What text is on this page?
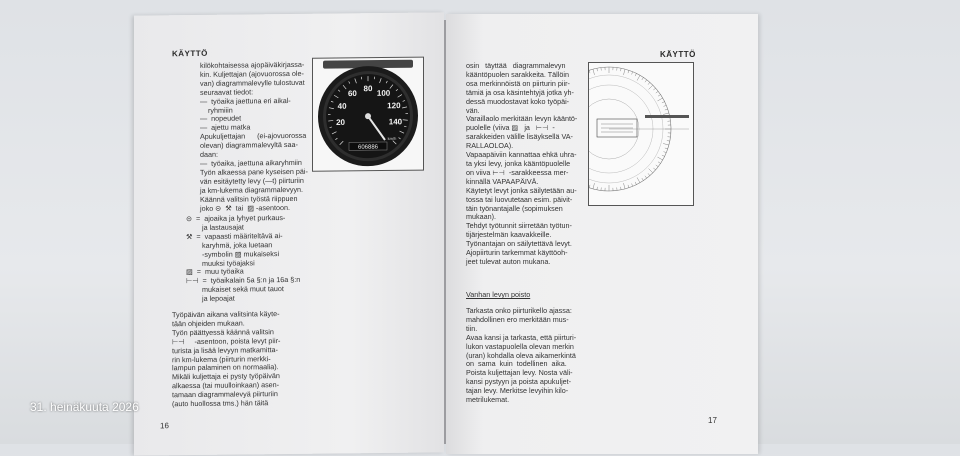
KÄYTTÖ
kilökohtaisessa ajopäiväkirjassa-
kin. Kuljettajan (ajovuorossa ole-
van) diagrammalevylle tulostuvat
seuraavat tiedot:
—  työaika jaettuna eri aikal-
ryhmiiin
—  nopeudet
—  ajettu matka
Apukuljettajan      (ei-ajovuorossa
olevan) diagrammalevyltä saa-
daan:
—  työaika, jaettuna aikaryhmiin
Työn alkaessa pane kyseisen päi-
vän esitäytetty levy (—t) piirturiin
ja km-lukema diagrammalevyyn.
Käännä valitsin työstä riippuen
joko ⊝  ⚒  tai  ▨ -asentoon.
⊝  =  ajoaika ja lyhyet purkaus-
ja lastausajat
⚒  =  vapaasti määriteltävä ai-
karyhmä, joka luetaan
-symbolin ▨ mukaiseksi
muuksi työajaksi
▨  =  muu työaika
⊢⊣  =  työaikalain 5a §:n ja 16a §:n
mukaiset sekä muut tauot
ja lepoajat
Työpäivän aikana valitsinta käyte-
tään ohjeiden mukaan.
Työn päättyessä käännä valitsin
⊢⊣     -asentoon, poista levyt piir-
turista ja lisää levyyn matkamitta-
rin km-lukema (piirturin merkki-
lampun palaminen on normaalia).
Mikäli kuljettaja ei pysty työpäivän
alkaessa (tai muulloinkaan) asen-
tamaan diagrammalevyä piirturiin
(auto huollossa tms.) hän täitä
16
20
40
60
80 100
120
140
606886
km/h
KÄYTTÖ
osin   täyttää   diagrammalevyn
kääntöpuolen sarakkeita. Tällöin
osa merkinnöistä on piirturin piir-
tämiä ja osa käsintehtyjä jotka yh-
dessä muodostavat koko työpäi-
vän.
Varaillaolo merkitään levyn kääntö-
puolelle (viiva ▨   ja   ⊢⊣  -
sarakkeiden välille lisäyksellä VA-
RALLAOLOA).
Vapaapäiviin kannattaa ehkä uhra-
ta yksi levy, jonka kääntöpuolelle
on viiva ⊢⊣  -sarakkeessa mer-
kinnällä VAPAAPÄIVÄ.
Käytetyt levyt jonka säilytetään au-
tossa tai luovutetaan esim. päivit-
täin työnantajalle (sopimuksen
mukaan).
Tehdyt työtunnit siirretään työtun-
tijärjestelmän kaavakkeille.
Työnantajan on säilytettävä levyt.
Ajopiirturin tarkemmat käyttöoh-
jeet tulevat auton mukana.
Vanhan levyn poisto
Tarkasta onko piirturikello ajassa:
mahdollinen ero merkitään mus-
tiin.
Avaa kansi ja tarkasta, että piirturi-
lukon vastapuolella olevan merkin
(uran) kohdalla oleva aikamerkintä
on  sama  kuin  todellinen  aika.
Poista kuljettajan levy. Nosta väli-
kansi pystyyn ja poista apukuljet-
tajan levy. Merkitse levyihin kilo-
metrilukemat.
17
31. heinäkuuta 2026
